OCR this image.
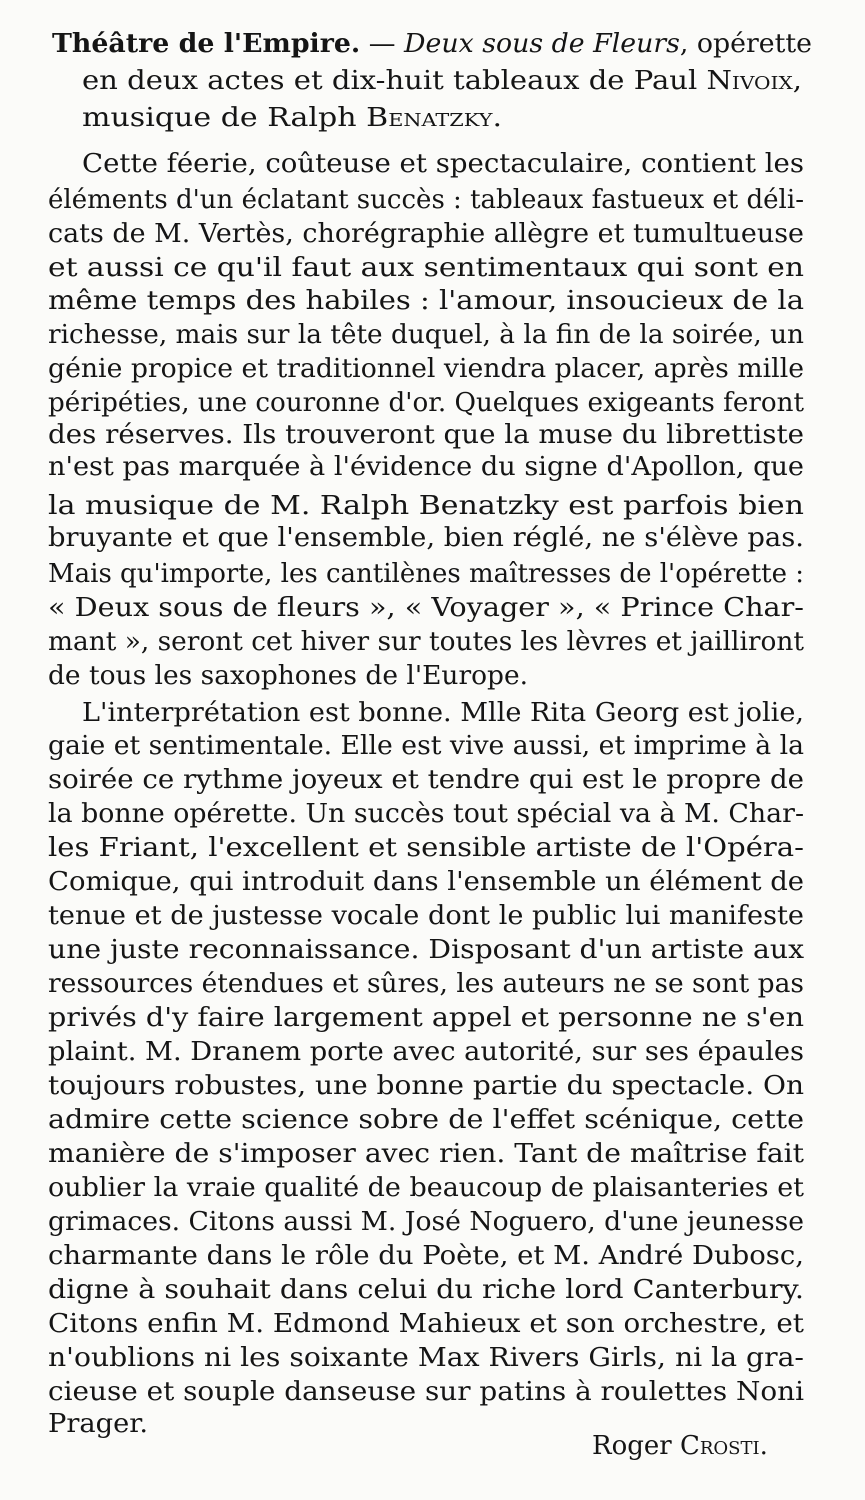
Théâtre de l'Empire. — Deux sous de Fleurs, opérette

en deux actes et dix-huit tableaux de Paul Nivoix,

musique de Ralph Benatzky.

Cette féerie, coûteuse et spectaculaire, contient les

éléments d'un éclatant succès : tableaux fastueux et déli-

cats de M. Vertès, chorégraphie allègre et tumultueuse

et aussi ce qu'il faut aux sentimentaux qui sont en

même temps des habiles : l'amour, insoucieux de la

richesse, mais sur la tête duquel, à la fin de la soirée, un

génie propice et traditionnel viendra placer, après mille

péripéties, une couronne d'or. Quelques exigeants feront

des réserves. Ils trouveront que la muse du librettiste

n'est pas marquée à l'évidence du signe d'Apollon, que

la musique de M. Ralph Benatzky est parfois bien

bruyante et que l'ensemble, bien réglé, ne s'élève pas.

Mais qu'importe, les cantilènes maîtresses de l'opérette :

« Deux sous de fleurs », « Voyager », « Prince Char-

mant », seront cet hiver sur toutes les lèvres et jailliront

de tous les saxophones de l'Europe.

L'interprétation est bonne. Mlle Rita Georg est jolie,

gaie et sentimentale. Elle est vive aussi, et imprime à la

soirée ce rythme joyeux et tendre qui est le propre de

la bonne opérette. Un succès tout spécial va à M. Char-

les Friant, l'excellent et sensible artiste de l'Opéra-

Comique, qui introduit dans l'ensemble un élément de

tenue et de justesse vocale dont le public lui manifeste

une juste reconnaissance. Disposant d'un artiste aux

ressources étendues et sûres, les auteurs ne se sont pas

privés d'y faire largement appel et personne ne s'en

plaint. M. Dranem porte avec autorité, sur ses épaules

toujours robustes, une bonne partie du spectacle. On

admire cette science sobre de l'effet scénique, cette

manière de s'imposer avec rien. Tant de maîtrise fait

oublier la vraie qualité de beaucoup de plaisanteries et

grimaces. Citons aussi M. José Noguero, d'une jeunesse

charmante dans le rôle du Poète, et M. André Dubosc,

digne à souhait dans celui du riche lord Canterbury.

Citons enfin M. Edmond Mahieux et son orchestre, et

n'oublions ni les soixante Max Rivers Girls, ni la gra-

cieuse et souple danseuse sur patins à roulettes Noni

Prager.

Roger Crosti.
